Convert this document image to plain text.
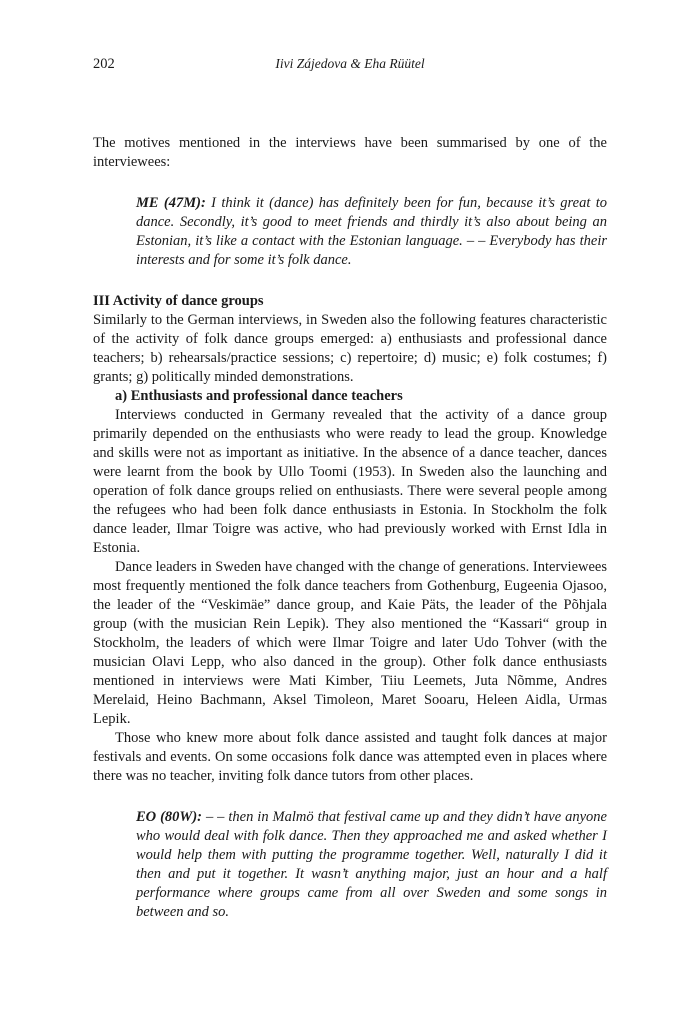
202	Iivi Zájedova & Eha Rüütel

The motives mentioned in the interviews have been summarised by one of the interviewees:

ME (47M): I think it (dance) has definitely been for fun, because it’s great to dance. Secondly, it’s good to meet friends and thirdly it’s also about being an Estonian, it’s like a contact with the Estonian language. – – Everybody has their interests and for some it’s folk dance.

III Activity of dance groups

Similarly to the German interviews, in Sweden also the following features characteristic of the activity of folk dance groups emerged: a) enthusiasts and professional dance teachers; b) rehearsals/practice sessions; c) repertoire; d) music; e) folk costumes; f) grants; g) politically minded demonstrations.

a) Enthusiasts and professional dance teachers

Interviews conducted in Germany revealed that the activity of a dance group primarily depended on the enthusiasts who were ready to lead the group. Knowledge and skills were not as important as initiative. In the absence of a dance teacher, dances were learnt from the book by Ullo Toomi (1953). In Sweden also the launching and operation of folk dance groups relied on enthusiasts. There were several people among the refugees who had been folk dance enthusiasts in Estonia. In Stockholm the folk dance leader, Ilmar Toigre was active, who had previously worked with Ernst Idla in Estonia.

Dance leaders in Sweden have changed with the change of generations. Interviewees most frequently mentioned the folk dance teachers from Gothenburg, Eugeenia Ojasoo, the leader of the “Veskimäe” dance group, and Kaie Päts, the leader of the Põhjala group (with the musician Rein Lepik). They also mentioned the “Kassari“ group in Stockholm, the leaders of which were Ilmar Toigre and later Udo Tohver (with the musician Olavi Lepp, who also danced in the group). Other folk dance enthusiasts mentioned in interviews were Mati Kimber, Tiiu Leemets, Juta Nõmme, Andres Merelaid, Heino Bachmann, Aksel Timoleon, Maret Sooaru, Heleen Aidla, Urmas Lepik.

Those who knew more about folk dance assisted and taught folk dances at major festivals and events. On some occasions folk dance was attempted even in places where there was no teacher, inviting folk dance tutors from other places.

EO (80W): – – then in Malmö that festival came up and they didn’t have anyone who would deal with folk dance. Then they approached me and asked whether I would help them with putting the programme together. Well, naturally I did it then and put it together. It wasn’t anything major, just an hour and a half performance where groups came from all over Sweden and some songs in between and so.
